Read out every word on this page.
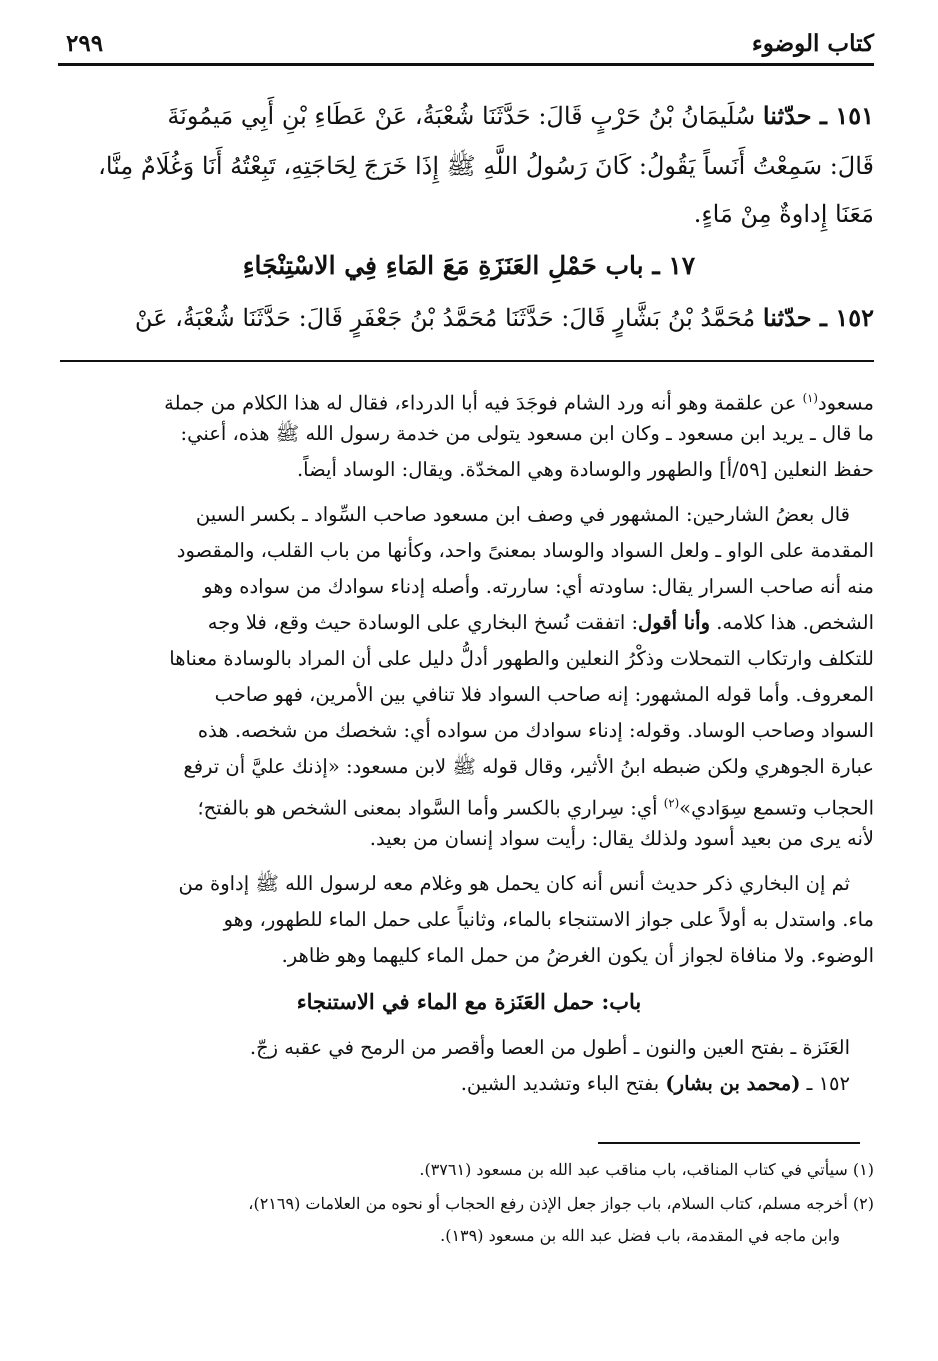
كتاب الوضوء
٢٩٩
١٥١ ـ حدّثنا سُلَيمَانُ بْنُ حَرْبٍ قَالَ: حَدَّثَنَا شُعْبَةُ، عَنْ عَطَاءِ بْنِ أَبِي مَيمُونَةَ
قَالَ: سَمِعْتُ أَنَساً يَقُولُ: كَانَ رَسُولُ اللَّهِ ﷺ إِذَا خَرَجَ لِحَاجَتِهِ، تَبِعْتُهُ أَنَا وَغُلَامٌ مِنَّا،
مَعَنَا إِداوةٌ مِنْ مَاءٍ.
١٧ ـ باب حَمْلِ العَنَزَةِ مَعَ المَاءِ فِي الاسْتِنْجَاءِ
١٥٢ ـ حدّثنا مُحَمَّدُ بْنُ بَشَّارٍ قَالَ: حَدَّثَنَا مُحَمَّدُ بْنُ جَعْفَرٍ قَالَ: حَدَّثَنَا شُعْبَةُ، عَنْ
مسعود$^{(١)}$ عن علقمة وهو أنه ورد الشام فوجَدَ فيه أبا الدرداء، فقال له هذا الكلام من جملة
ما قال ـ يريد ابن مسعود ـ وكان ابن مسعود يتولى من خدمة رسول الله ﷺ هذه، أعني:
حفظ النعلين [٥٩/أ] والطهور والوسادة وهي المخدّة. ويقال: الوساد أيضاً.
قال بعضُ الشارحين: المشهور في وصف ابن مسعود صاحب السِّواد ـ بكسر السين
المقدمة على الواو ـ ولعل السواد والوساد بمعنىً واحد، وكأنها من باب القلب، والمقصود
منه أنه صاحب السرار يقال: ساودته أي: ساررته. وأصله إدناء سوادك من سواده وهو
الشخص. هذا كلامه. وأنا أقول: اتفقت نُسخ البخاري على الوسادة حيث وقع، فلا وجه
للتكلف وارتكاب التمحلات وذكْرُ النعلين والطهور أدلُّ دليل على أن المراد بالوسادة معناها
المعروف. وأما قوله المشهور: إنه صاحب السواد فلا تنافي بين الأمرين، فهو صاحب
السواد وصاحب الوساد. وقوله: إدناء سوادك من سواده أي: شخصك من شخصه. هذه
عبارة الجوهري ولكن ضبطه ابنُ الأثير، وقال قوله ﷺ لابن مسعود: «إذنك عليَّ أن ترفع
الحجاب وتسمع سِوَادي»$^{(٢)}$ أي: سِراري بالكسر وأما السَّواد بمعنى الشخص هو بالفتح؛
لأنه يرى من بعيد أسود ولذلك يقال: رأيت سواد إنسان من بعيد.
ثم إن البخاري ذكر حديث أنس أنه كان يحمل هو وغلام معه لرسول الله ﷺ إداوة من
ماء. واستدل به أولاً على جواز الاستنجاء بالماء، وثانياً على حمل الماء للطهور، وهو
الوضوء. ولا منافاة لجواز أن يكون الغرضُ من حمل الماء كليهما وهو ظاهر.
باب: حمل العَنَزة مع الماء في الاستنجاء
العَنَزة ـ بفتح العين والنون ـ أطول من العصا وأقصر من الرمح في عقبه زجّ.
١٥٢ ـ (محمد بن بشار) بفتح الباء وتشديد الشين.
(١) سيأتي في كتاب المناقب، باب مناقب عبد الله بن مسعود (٣٧٦١).
(٢) أخرجه مسلم، كتاب السلام، باب جواز جعل الإذن رفع الحجاب أو نحوه من العلامات (٢١٦٩)،
وابن ماجه في المقدمة، باب فضل عبد الله بن مسعود (١٣٩).
